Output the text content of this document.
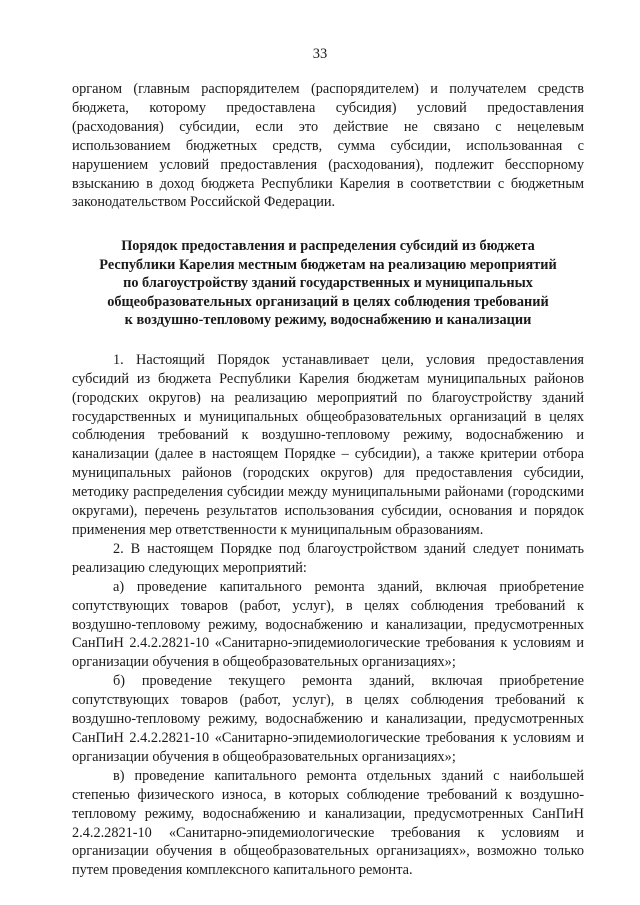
33

органом (главным распорядителем (распорядителем) и получателем средств бюджета, которому предоставлена субсидия) условий предоставления (расходования) субсидии, если это действие не связано с нецелевым использованием бюджетных средств, сумма субсидии, использованная с нарушением условий предоставления (расходования), подлежит бесспорному взысканию в доход бюджета Республики Карелия в соответствии с бюджетным законодательством Российской Федерации.

Порядок предоставления и распределения субсидий из бюджета
Республики Карелия местным бюджетам на реализацию мероприятий
по благоустройству зданий государственных и муниципальных
общеобразовательных организаций в целях соблюдения требований
к воздушно-тепловому режиму, водоснабжению и канализации

1. Настоящий Порядок устанавливает цели, условия предоставления субсидий из бюджета Республики Карелия бюджетам муниципальных районов (городских округов) на реализацию мероприятий по благоустройству зданий государственных и муниципальных общеобразовательных организаций в целях соблюдения требований к воздушно-тепловому режиму, водоснабжению и канализации (далее в настоящем Порядке – субсидии), а также критерии отбора муниципальных районов (городских округов) для предоставления субсидии, методику распределения субсидии между муниципальными районами (городскими округами), перечень результатов использования субсидии, основания и порядок применения мер ответственности к муниципальным образованиям.

2. В настоящем Порядке под благоустройством зданий следует понимать реализацию следующих мероприятий:

а) проведение капитального ремонта зданий, включая приобретение сопутствующих товаров (работ, услуг), в целях соблюдения требований к воздушно-тепловому режиму, водоснабжению и канализации, предусмотренных СанПиН 2.4.2.2821-10 «Санитарно-эпидемиологические требования к условиям и организации обучения в общеобразовательных организациях»;

б) проведение текущего ремонта зданий, включая приобретение сопутствующих товаров (работ, услуг), в целях соблюдения требований к воздушно-тепловому режиму, водоснабжению и канализации, предусмотренных СанПиН 2.4.2.2821-10 «Санитарно-эпидемиологические требования к условиям и организации обучения в общеобразовательных организациях»;

в) проведение капитального ремонта отдельных зданий с наибольшей степенью физического износа, в которых соблюдение требований к воздушно-тепловому режиму, водоснабжению и канализации, предусмотренных СанПиН 2.4.2.2821-10 «Санитарно-эпидемиологические требования к условиям и организации обучения в общеобразовательных организациях», возможно только путем проведения комплексного капитального ремонта.
